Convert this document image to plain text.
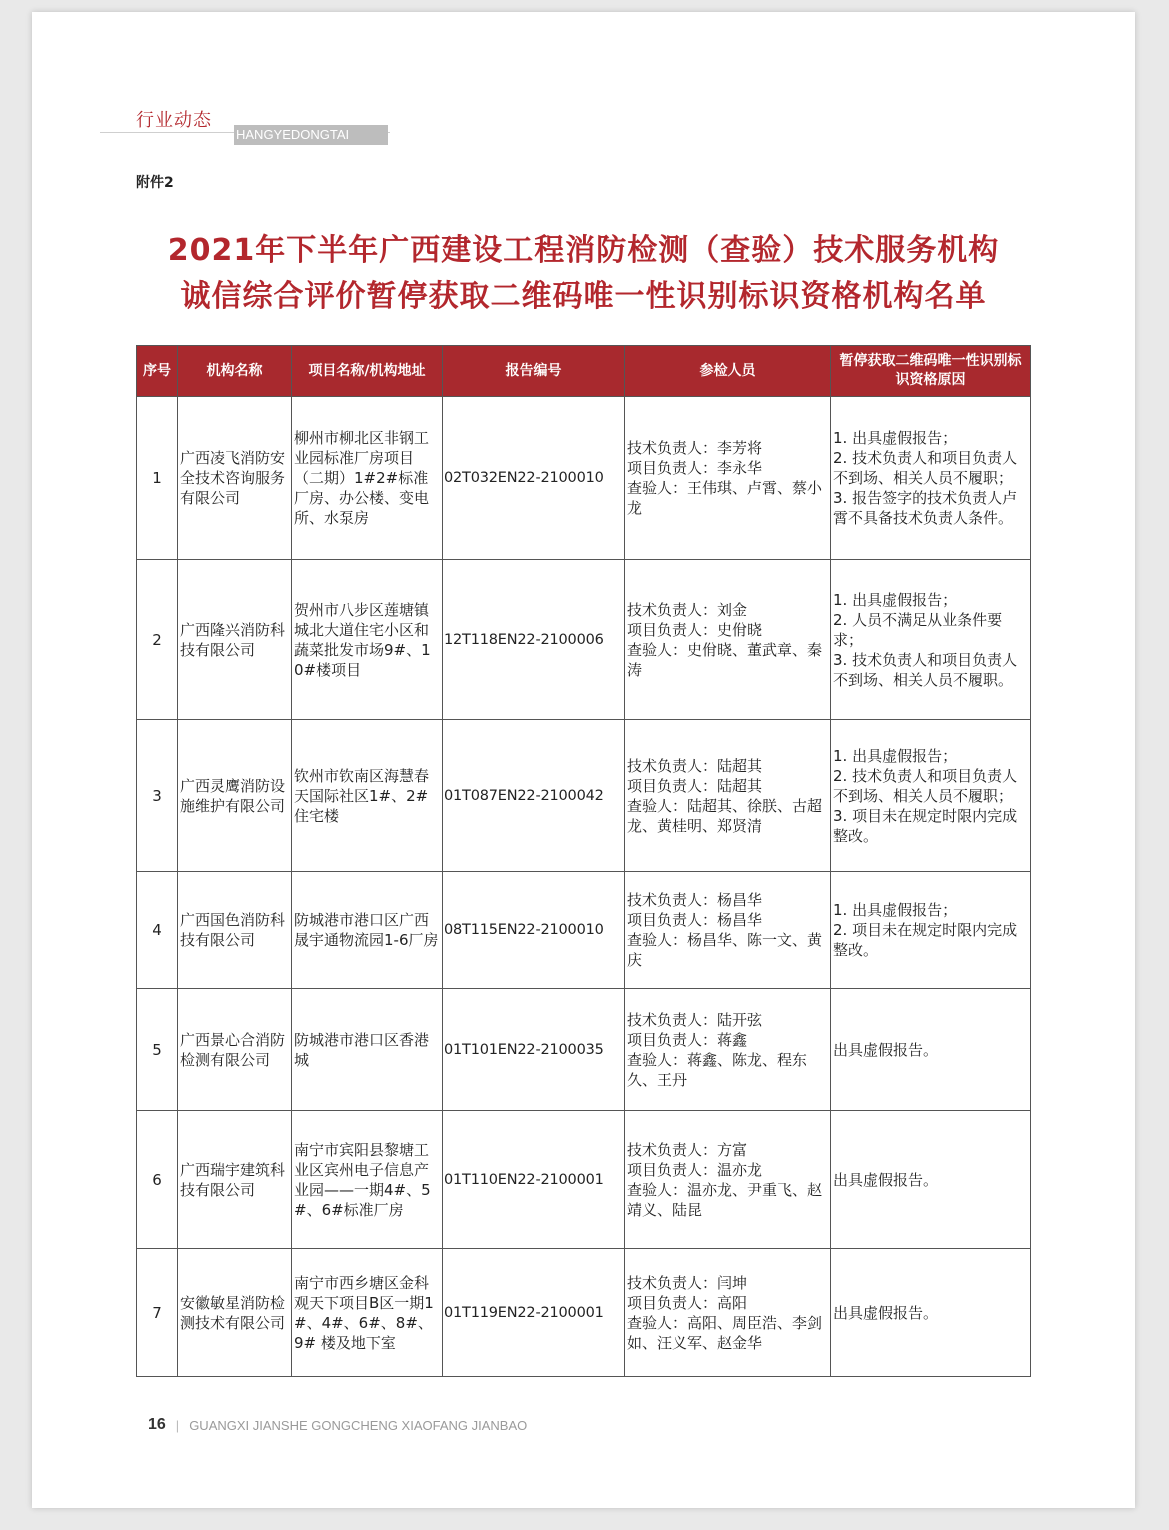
行业动态
HANGYEDONGTAI
附件2
2021年下半年广西建设工程消防检测（查验）技术服务机构
诚信综合评价暂停获取二维码唯一性识别标识资格机构名单
序号	机构名称	项目名称/机构地址	报告编号	参检人员	暂停获取二维码唯一性识别标识资格原因
1	广西凌飞消防安全技术咨询服务有限公司	柳州市柳北区非钢工业园标准厂房项目（二期）1#2#标准厂房、办公楼、变电所、水泵房	02T032EN22-2100010	技术负责人：李芳将
项目负责人：李永华
查验人：王伟琪、卢霄、蔡小龙	1. 出具虚假报告；
2. 技术负责人和项目负责人不到场、相关人员不履职；
3. 报告签字的技术负责人卢霄不具备技术负责人条件。
2	广西隆兴消防科技有限公司	贺州市八步区莲塘镇城北大道住宅小区和蔬菜批发市场9#、10#楼项目	12T118EN22-2100006	技术负责人：刘金
项目负责人：史佾晓
查验人：史佾晓、董武章、秦涛	1. 出具虚假报告；
2. 人员不满足从业条件要求；
3. 技术负责人和项目负责人不到场、相关人员不履职。
3	广西灵鹰消防设施维护有限公司	钦州市钦南区海慧春天国际社区1#、2#住宅楼	01T087EN22-2100042	技术负责人：陆超其
项目负责人：陆超其
查验人：陆超其、徐朕、古超龙、黄桂明、郑贤清	1. 出具虚假报告；
2. 技术负责人和项目负责人不到场、相关人员不履职；
3. 项目未在规定时限内完成整改。
4	广西国色消防科技有限公司	防城港市港口区广西晟宇通物流园1-6厂房	08T115EN22-2100010	技术负责人：杨昌华
项目负责人：杨昌华
查验人：杨昌华、陈一文、黄庆	1. 出具虚假报告；
2. 项目未在规定时限内完成整改。
5	广西景心合消防检测有限公司	防城港市港口区香港城	01T101EN22-2100035	技术负责人：陆开弦
项目负责人：蒋鑫
查验人：蒋鑫、陈龙、程东久、王丹	出具虚假报告。
6	广西瑞宇建筑科技有限公司	南宁市宾阳县黎塘工业区宾州电子信息产业园——一期4#、5#、6#标准厂房	01T110EN22-2100001	技术负责人：方富
项目负责人：温亦龙
查验人：温亦龙、尹重飞、赵靖义、陆昆	出具虚假报告。
7	安徽敏星消防检测技术有限公司	南宁市西乡塘区金科观天下项目B区一期1#、4#、6#、8#、9# 楼及地下室	01T119EN22-2100001	技术负责人：闫坤
项目负责人：高阳
查验人：高阳、周臣浩、李剑如、汪义军、赵金华	出具虚假报告。
16 | GUANGXI JIANSHE GONGCHENG XIAOFANG JIANBAO
